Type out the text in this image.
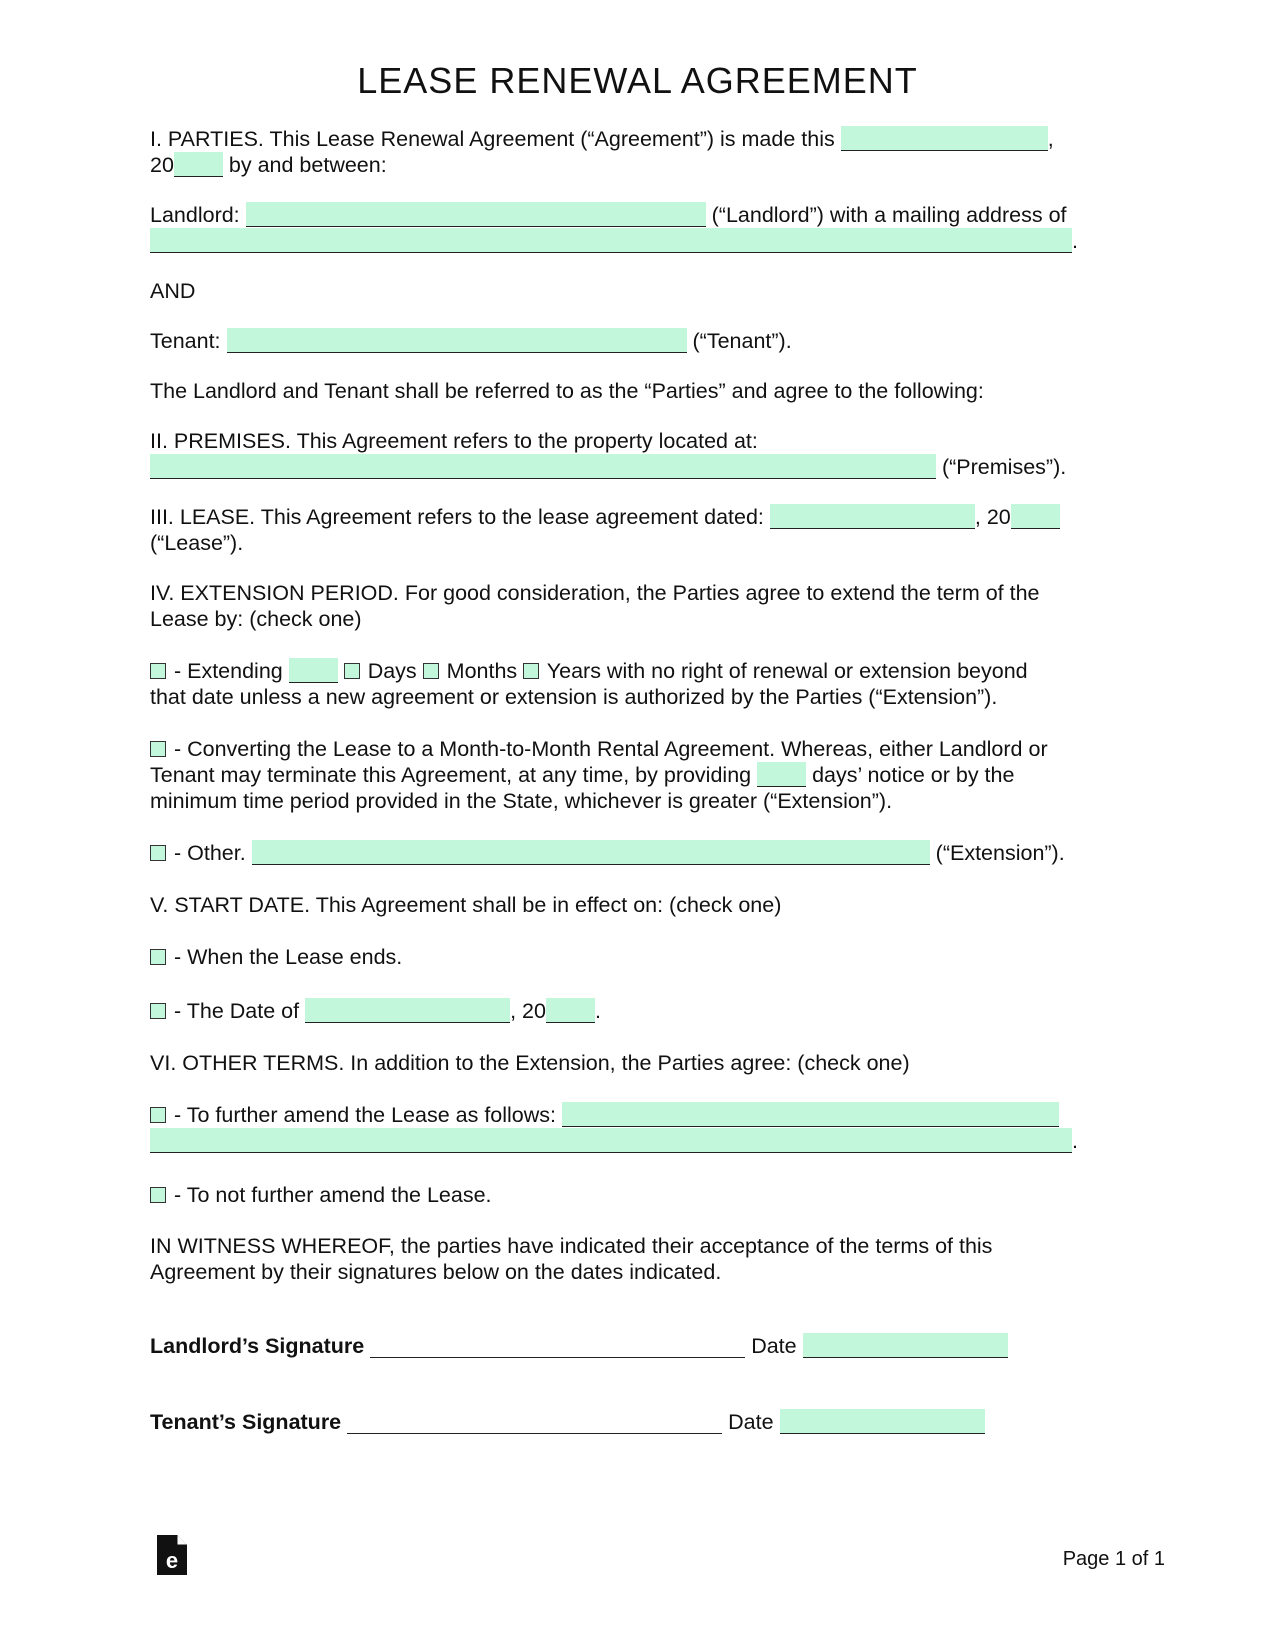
LEASE RENEWAL AGREEMENT
I. PARTIES. This Lease Renewal Agreement (“Agreement”) is made this	,
20	by and between:
Landlord:	(“Landlord”) with a mailing address of
.
AND
Tenant:	(“Tenant”).
The Landlord and Tenant shall be referred to as the “Parties” and agree to the following:
II. PREMISES. This Agreement refers to the property located at:
(“Premises”).
III. LEASE. This Agreement refers to the lease agreement dated:	, 20
(“Lease”).
IV. EXTENSION PERIOD. For good consideration, the Parties agree to extend the term of the
Lease by: (check one)
- Extending	Days Months Years with no right of renewal or extension beyond
that date unless a new agreement or extension is authorized by the Parties (“Extension”).
- Converting the Lease to a Month-to-Month Rental Agreement. Whereas, either Landlord or
Tenant may terminate this Agreement, at any time, by providing	days’ notice or by the
minimum time period provided in the State, whichever is greater (“Extension”).
- Other.	(“Extension”).
V. START DATE. This Agreement shall be in effect on: (check one)
- When the Lease ends.
- The Date of	, 20 .
VI. OTHER TERMS. In addition to the Extension, the Parties agree: (check one)
- To further amend the Lease as follows:
.
- To not further amend the Lease.
IN WITNESS WHEREOF, the parties have indicated their acceptance of the terms of this
Agreement by their signatures below on the dates indicated.
Landlord’s Signature	Date
Tenant’s Signature	Date
e	Page 1 of 1
